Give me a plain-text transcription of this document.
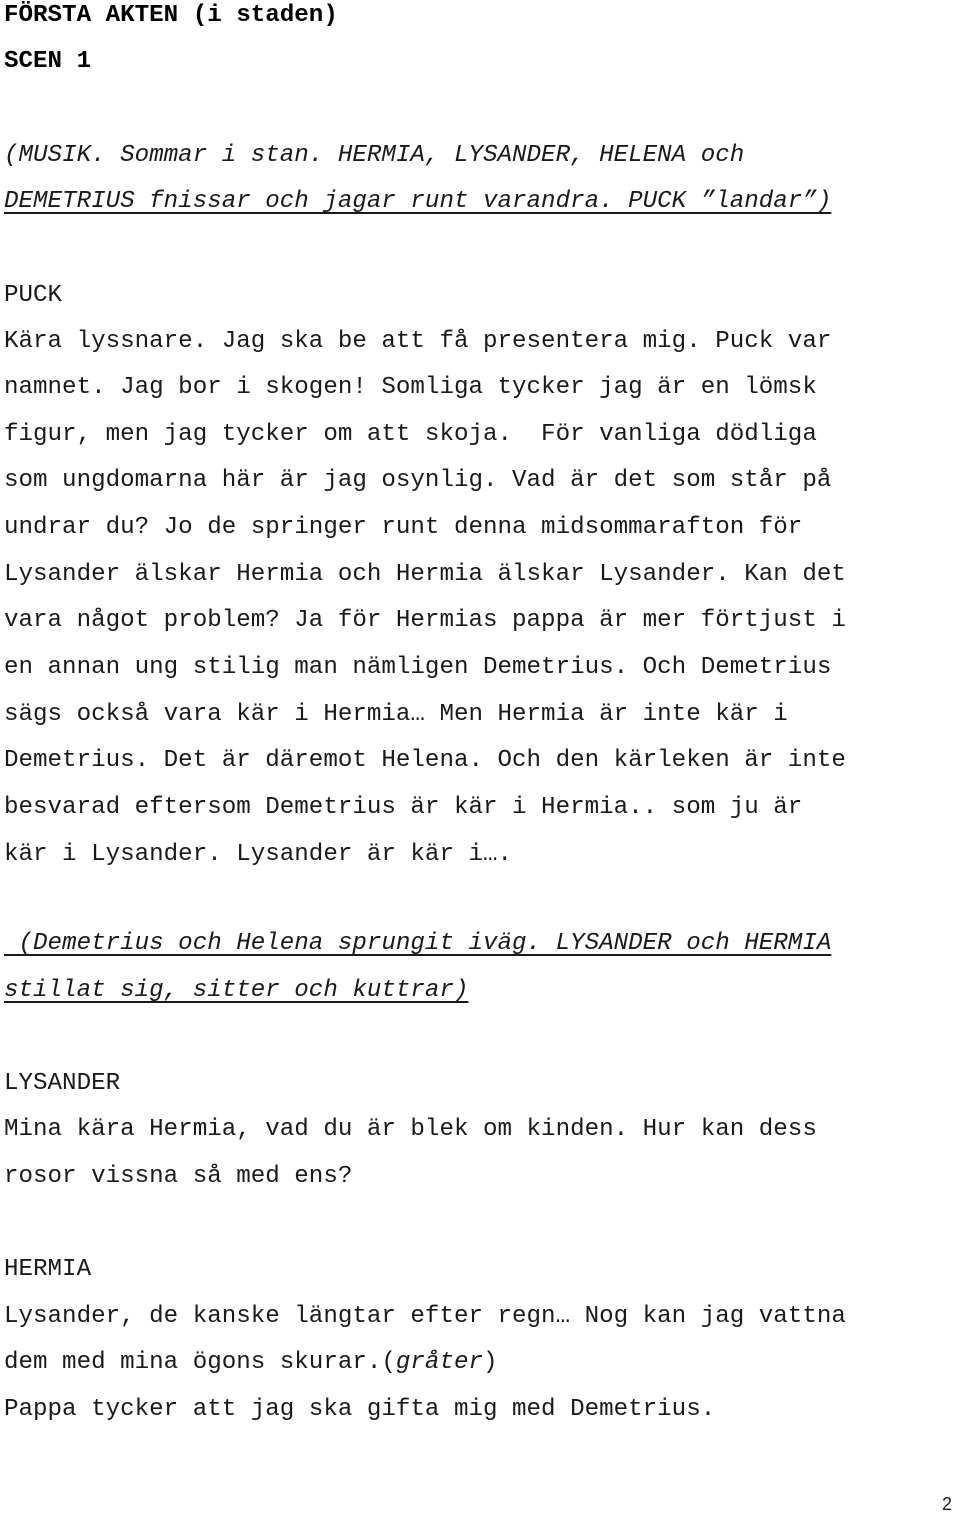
FÖRSTA AKTEN (i staden)
SCEN 1
(MUSIK. Sommar i stan. HERMIA, LYSANDER, HELENA och
DEMETRIUS fnissar och jagar runt varandra. PUCK ”landar”)
PUCK
Kära lyssnare. Jag ska be att få presentera mig. Puck var
namnet. Jag bor i skogen! Somliga tycker jag är en lömsk
figur, men jag tycker om att skoja.  För vanliga dödliga
som ungdomarna här är jag osynlig. Vad är det som står på
undrar du? Jo de springer runt denna midsommarafton för
Lysander älskar Hermia och Hermia älskar Lysander. Kan det
vara något problem? Ja för Hermias pappa är mer förtjust i
en annan ung stilig man nämligen Demetrius. Och Demetrius
sägs också vara kär i Hermia… Men Hermia är inte kär i
Demetrius. Det är däremot Helena. Och den kärleken är inte
besvarad eftersom Demetrius är kär i Hermia.. som ju är
kär i Lysander. Lysander är kär i….
(Demetrius och Helena sprungit iväg. LYSANDER och HERMIA
stillat sig, sitter och kuttrar)
LYSANDER
Mina kära Hermia, vad du är blek om kinden. Hur kan dess
rosor vissna så med ens?
HERMIA
Lysander, de kanske längtar efter regn… Nog kan jag vattna
dem med mina ögons skurar.(gråter)
Pappa tycker att jag ska gifta mig med Demetrius.
2
